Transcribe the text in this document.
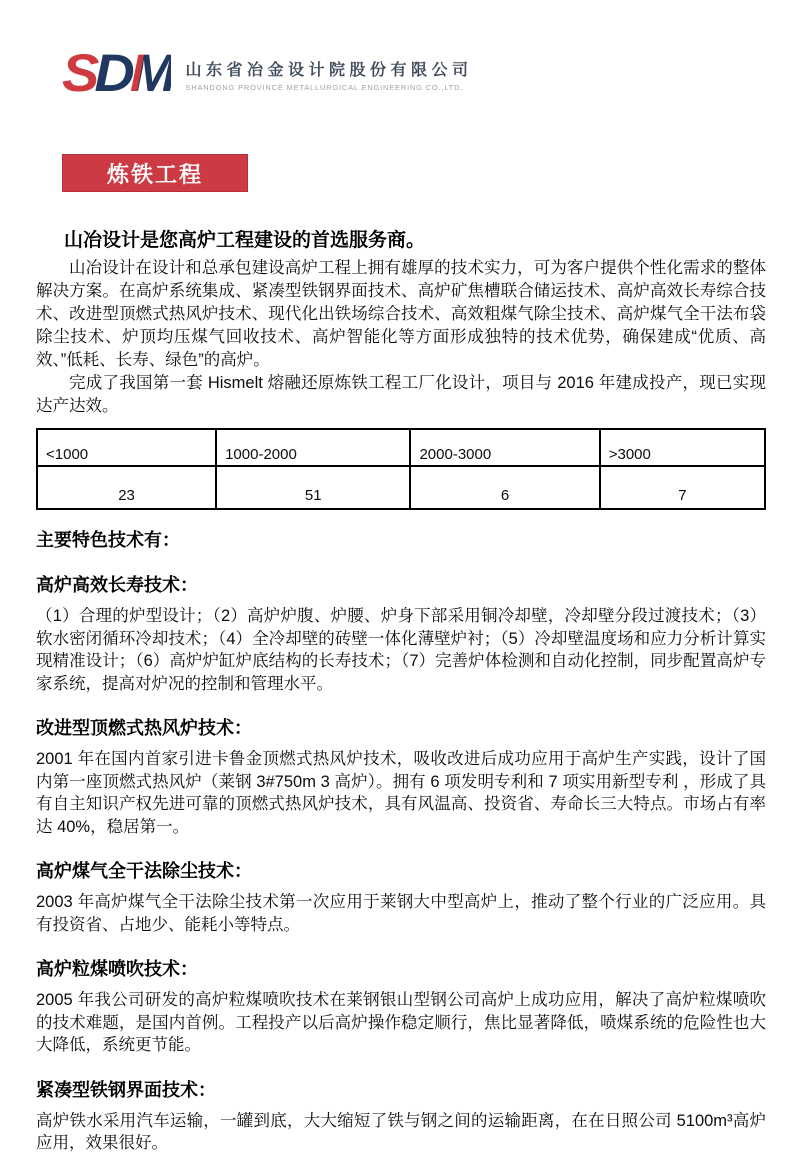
SDM 山东省冶金设计院股份有限公司
SHANDONG PROVINCE METALLURGICAL ENGINEERING CO.,LTD.
炼铁工程
山冶设计是您高炉工程建设的首选服务商。

山冶设计在设计和总承包建设高炉工程上拥有雄厚的技术实力，可为客户提供个性化需求的整体解决方案。在高炉系统集成、紧凑型铁钢界面技术、高炉矿焦槽联合储运技术、高炉高效长寿综合技术、改进型顶燃式热风炉技术、现代化出铁场综合技术、高效粗煤气除尘技术、高炉煤气全干法布袋除尘技术、炉顶均压煤气回收技术、高炉智能化等方面形成独特的技术优势，确保建成“优质、高效、”低耗、长寿、绿色”的高炉。

完成了我国第一套 Hismelt 熔融还原炼铁工程工厂化设计，项目与 2016 年建成投产，现已实现达产达效。

<1000	1000-2000	2000-3000	>3000
23	51	6	7
主要特色技术有：
高炉高效长寿技术：

（1）合理的炉型设计；（2）高炉炉腹、炉腰、炉身下部采用铜冷却壁，冷却壁分段过渡技术；（3）软水密闭循环冷却技术；（4）全冷却壁的砖壁一体化薄壁炉衬；（5）冷却壁温度场和应力分析计算实现精准设计；（6）高炉炉缸炉底结构的长寿技术；（7）完善炉体检测和自动化控制，同步配置高炉专家系统，提高对炉况的控制和管理水平。

改进型顶燃式热风炉技术：

2001 年在国内首家引进卡鲁金顶燃式热风炉技术，吸收改进后成功应用于高炉生产实践，设计了国内第一座顶燃式热风炉（莱钢 3#750m 3 高炉）。拥有 6 项发明专利和 7 项实用新型专利 ，形成了具有自主知识产权先进可靠的顶燃式热风炉技术，具有风温高、投资省、寿命长三大特点。市场占有率达 40%，稳居第一。

高炉煤气全干法除尘技术：

2003 年高炉煤气全干法除尘技术第一次应用于莱钢大中型高炉上，推动了整个行业的广泛应用。具有投资省、占地少、能耗小等特点。

高炉粒煤喷吹技术：

2005 年我公司研发的高炉粒煤喷吹技术在莱钢银山型钢公司高炉上成功应用，解决了高炉粒煤喷吹的技术难题，是国内首例。工程投产以后高炉操作稳定顺行，焦比显著降低，喷煤系统的危险性也大大降低，系统更节能。

紧凑型铁钢界面技术：

高炉铁水采用汽车运输，一罐到底，大大缩短了铁与钢之间的运输距离，在在日照公司 5100m³高炉应用，效果很好。
